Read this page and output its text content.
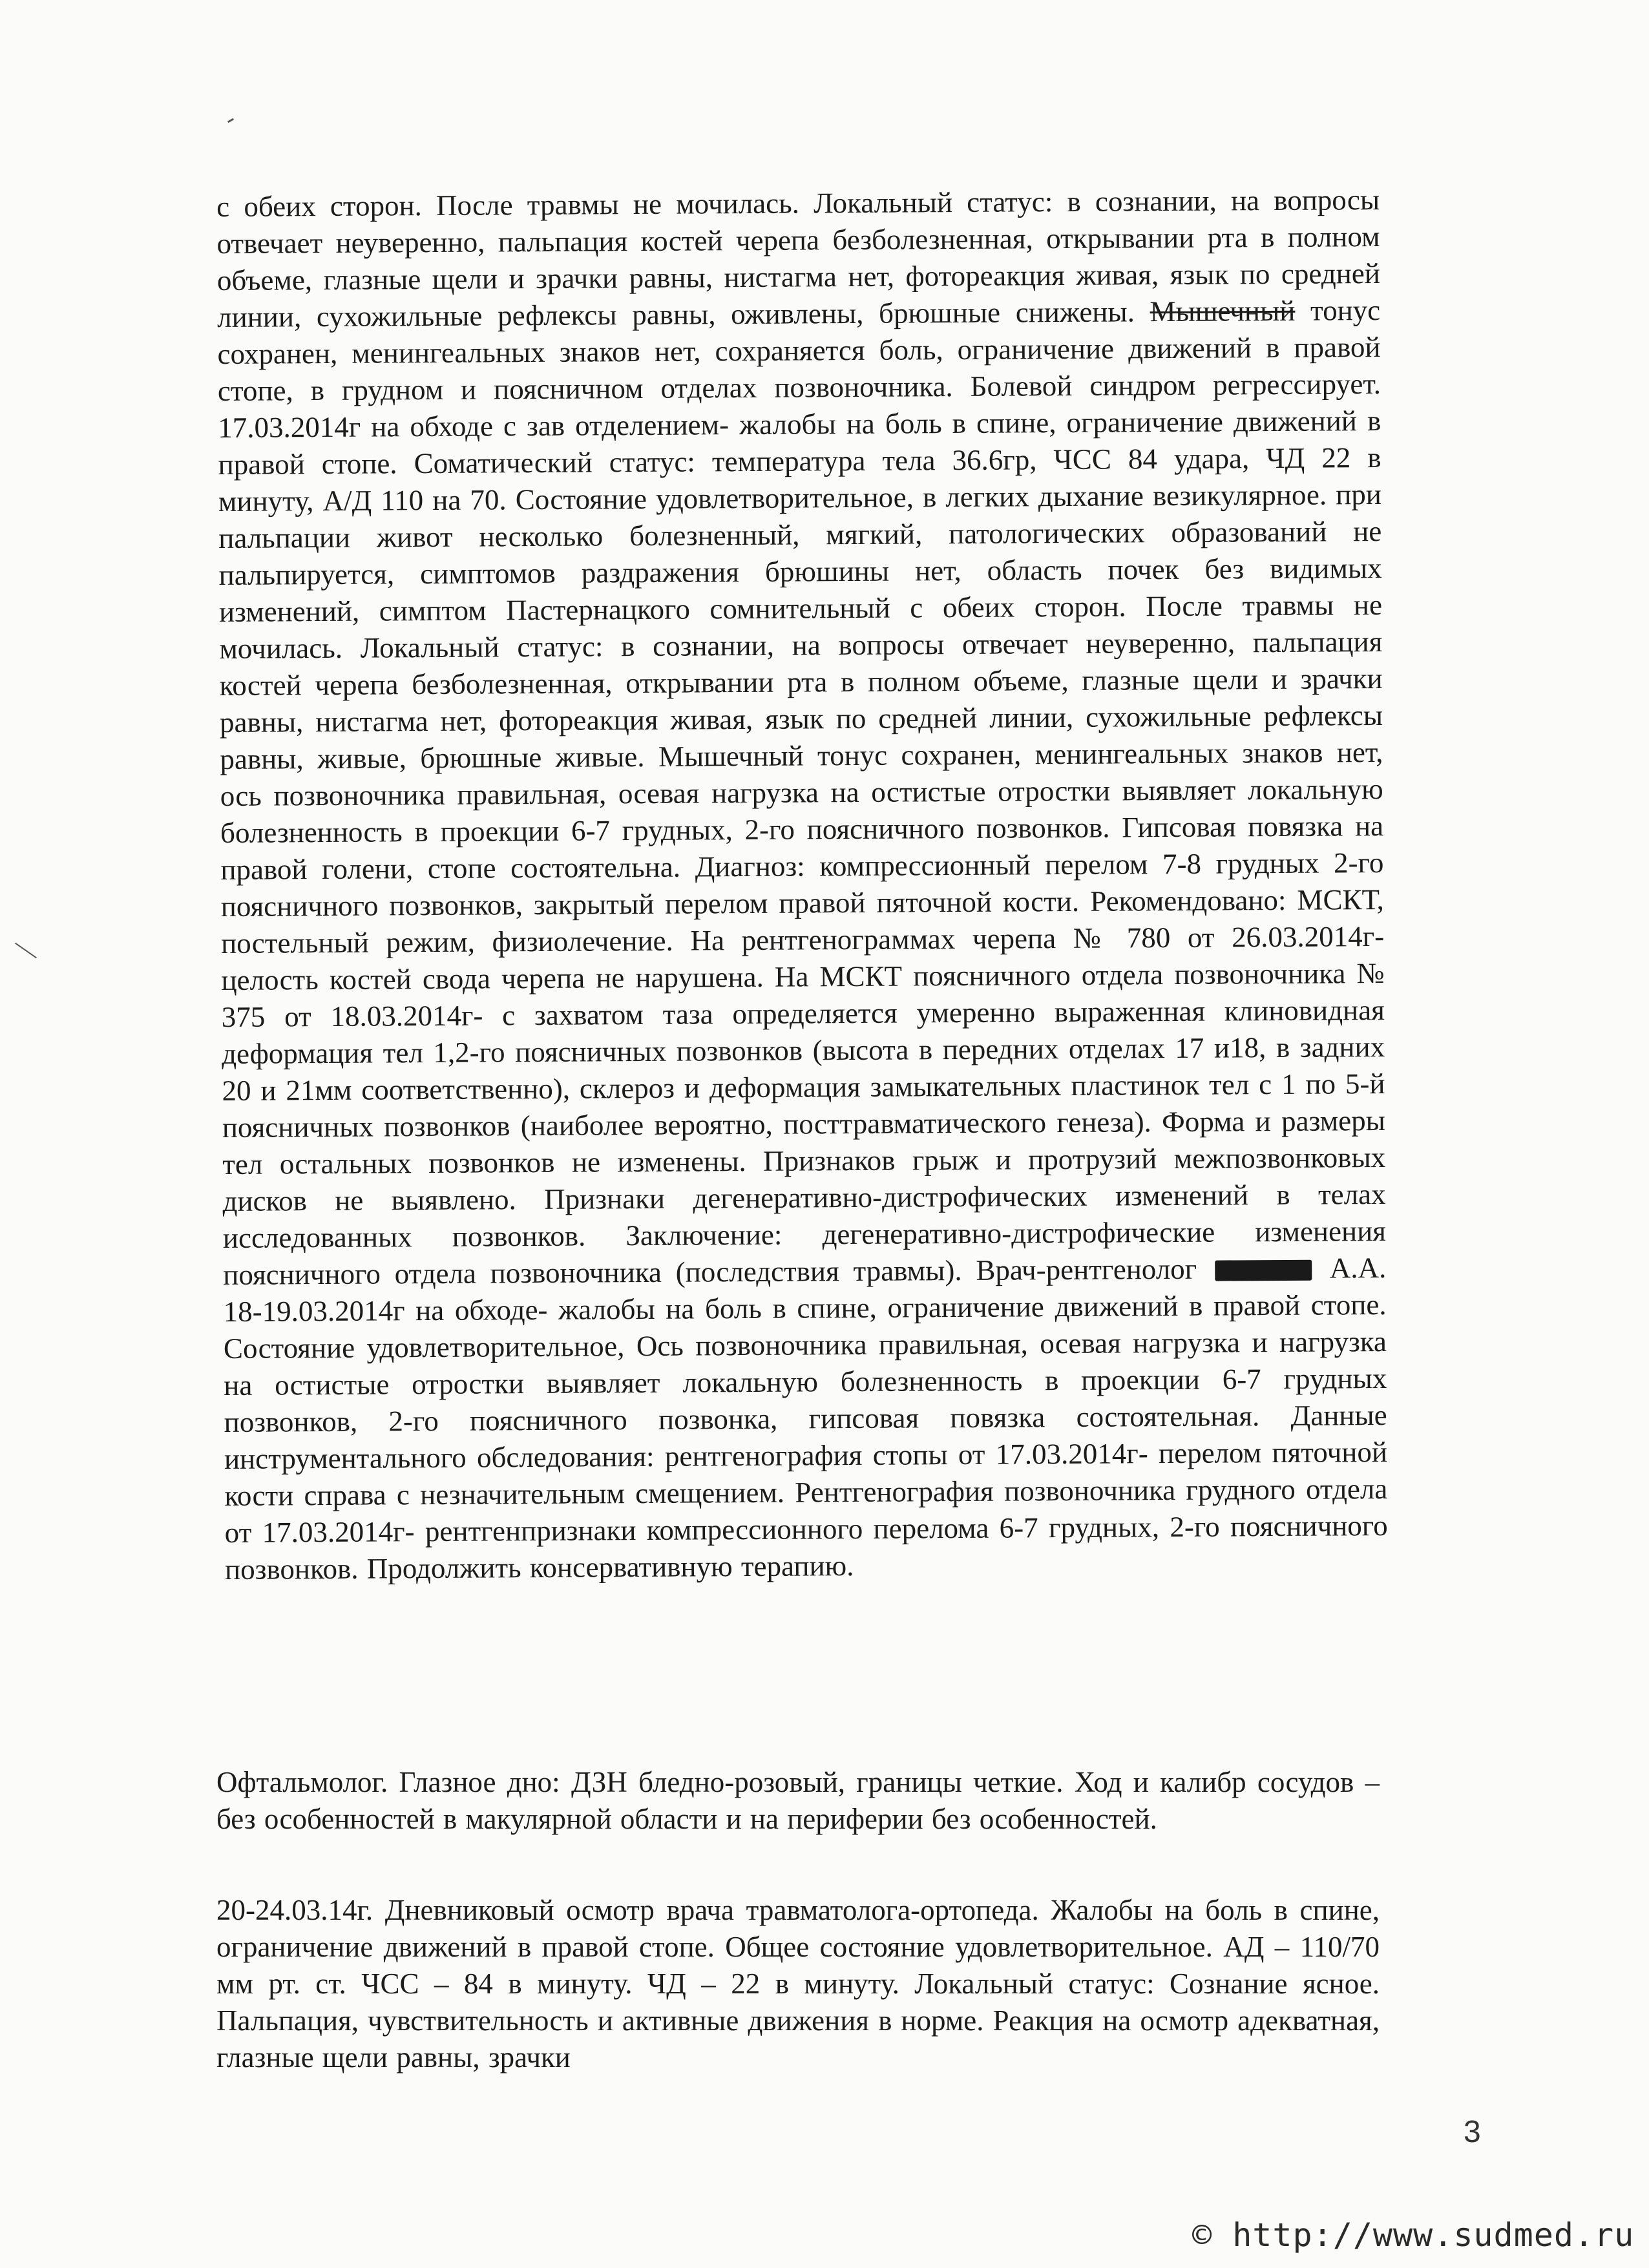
с обеих сторон. После травмы не мочилась. Локальный статус: в сознании, на вопросы отвечает неуверенно, пальпация костей черепа безболезненная, открывании рта в полном объеме, глазные щели и зрачки равны, нистагма нет, фотореакция живая, язык по средней линии, сухожильные рефлексы равны, оживлены, брюшные снижены. Мышечный тонус сохранен, менингеальных знаков нет, сохраняется боль, ограничение движений в правой стопе, в грудном и поясничном отделах позвоночника. Болевой синдром регрессирует. 17.03.2014г на обходе с зав отделением- жалобы на боль в спине, ограничение движений в правой стопе. Соматический статус: температура тела 36.6гр, ЧСС 84 удара, ЧД 22 в минуту, А/Д 110 на 70. Состояние удовлетворительное, в легких дыхание везикулярное. при пальпации живот несколько болезненный, мягкий, патологических образований не пальпируется, симптомов раздражения брюшины нет, область почек без видимых изменений, симптом Пастернацкого сомнительный с обеих сторон. После травмы не мочилась. Локальный статус: в сознании, на вопросы отвечает неуверенно, пальпация костей черепа безболезненная, открывании рта в полном объеме, глазные щели и зрачки равны, нистагма нет, фотореакция живая, язык по средней линии, сухожильные рефлексы равны, живые, брюшные живые. Мышечный тонус сохранен, менингеальных знаков нет, ось позвоночника правильная, осевая нагрузка на остистые отростки выявляет локальную болезненность в проекции 6-7 грудных, 2-го поясничного позвонков. Гипсовая повязка на правой голени, стопе состоятельна. Диагноз: компрессионный перелом 7-8 грудных 2-го поясничного позвонков, закрытый перелом правой пяточной кости. Рекомендовано: МСКТ, постельный режим, физиолечение. На рентгенограммах черепа № 780 от 26.03.2014г- целость костей свода черепа не нарушена. На МСКТ поясничного отдела позвоночника № 375 от 18.03.2014г- с захватом таза определяется умеренно выраженная клиновидная деформация тел 1,2-го поясничных позвонков (высота в передних отделах 17 и18, в задних 20 и 21мм соответственно), склероз и деформация замыкательных пластинок тел с 1 по 5-й поясничных позвонков (наиболее вероятно, посттравматического генеза). Форма и размеры тел остальных позвонков не изменены. Признаков грыж и протрузий межпозвонковых дисков не выявлено. Признаки дегенеративно-дистрофических изменений в телах исследованных позвонков. Заключение: дегенеративно-дистрофические изменения поясничного отдела позвоночника (последствия травмы). Врач-рентгенолог	А.А. 18-19.03.2014г на обходе- жалобы на боль в спине, ограничение движений в правой стопе. Состояние удовлетворительное, Ось позвоночника правильная, осевая нагрузка и нагрузка на остистые отростки выявляет локальную болезненность в проекции 6-7 грудных позвонков, 2-го поясничного позвонка, гипсовая повязка состоятельная. Данные инструментального обследования: рентгенография стопы от 17.03.2014г- перелом пяточной кости справа с незначительным смещением. Рентгенография позвоночника грудного отдела от 17.03.2014г- рентгенпризнаки компрессионного перелома 6-7 грудных, 2-го поясничного позвонков. Продолжить консервативную терапию.

Офтальмолог. Глазное дно: ДЗН бледно-розовый, границы четкие. Ход и калибр сосудов – без особенностей в макулярной области и на периферии без особенностей.

20-24.03.14г. Дневниковый осмотр врача травматолога-ортопеда. Жалобы на боль в спине, ограничение движений в правой стопе. Общее состояние удовлетворительное. АД – 110/70 мм рт. ст. ЧСС – 84 в минуту. ЧД – 22 в минуту. Локальный статус: Сознание ясное. Пальпация, чувствительность и активные движения в норме. Реакция на осмотр адекватная, глазные щели равны, зрачки

3
© http://www.sudmed.ru
